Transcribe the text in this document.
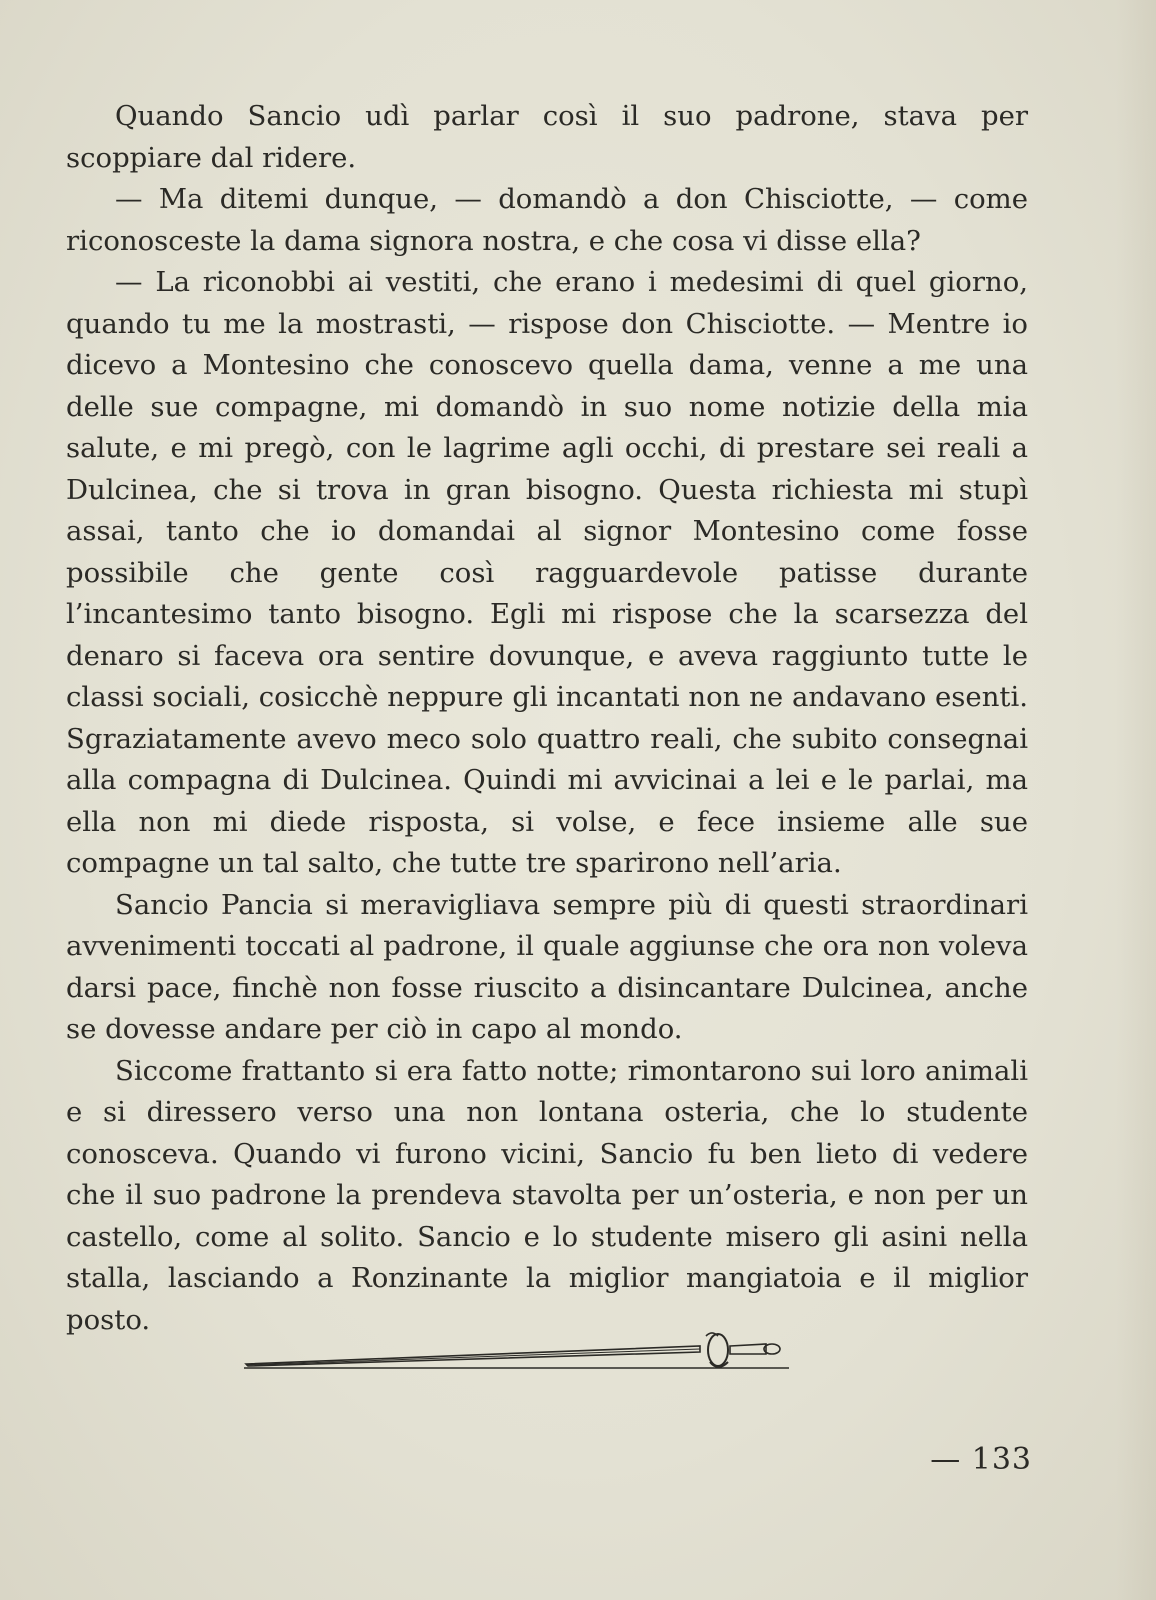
Quando Sancio udì parlar così il suo padrone, stava per scoppiare dal ridere.

— Ma ditemi dunque, — domandò a don Chisciotte, — come riconosceste la dama signora nostra, e che cosa vi disse ella?

— La riconobbi ai vestiti, che erano i medesimi di quel giorno, quando tu me la mostrasti, — rispose don Chisciotte. — Mentre io dicevo a Montesino che conoscevo quella dama, venne a me una delle sue compagne, mi domandò in suo nome notizie della mia salute, e mi pregò, con le lagrime agli occhi, di prestare sei reali a Dulcinea, che si trova in gran bisogno. Questa richiesta mi stupì assai, tanto che io domandai al signor Montesino come fosse possibile che gente così ragguardevole patisse durante l’incantesimo tanto bisogno. Egli mi rispose che la scarsezza del denaro si faceva ora sentire dovunque, e aveva raggiunto tutte le classi sociali, cosicchè neppure gli incantati non ne andavano esenti. Sgraziatamente avevo meco solo quattro reali, che subito consegnai alla compagna di Dulcinea. Quindi mi avvicinai a lei e le parlai, ma ella non mi diede risposta, si volse, e fece insieme alle sue compagne un tal salto, che tutte tre sparirono nell’aria.

Sancio Pancia si meravigliava sempre più di questi straordinari avvenimenti toccati al padrone, il quale aggiunse che ora non voleva darsi pace, finchè non fosse riuscito a disincantare Dulcinea, anche se dovesse andare per ciò in capo al mondo.

Siccome frattanto si era fatto notte; rimontarono sui loro animali e si diressero verso una non lontana osteria, che lo studente conosceva. Quando vi furono vicini, Sancio fu ben lieto di vedere che il suo padrone la prendeva stavolta per un’osteria, e non per un castello, come al solito. Sancio e lo studente misero gli asini nella stalla, lasciando a Ronzinante la miglior mangiatoia e il miglior posto.

— 133
